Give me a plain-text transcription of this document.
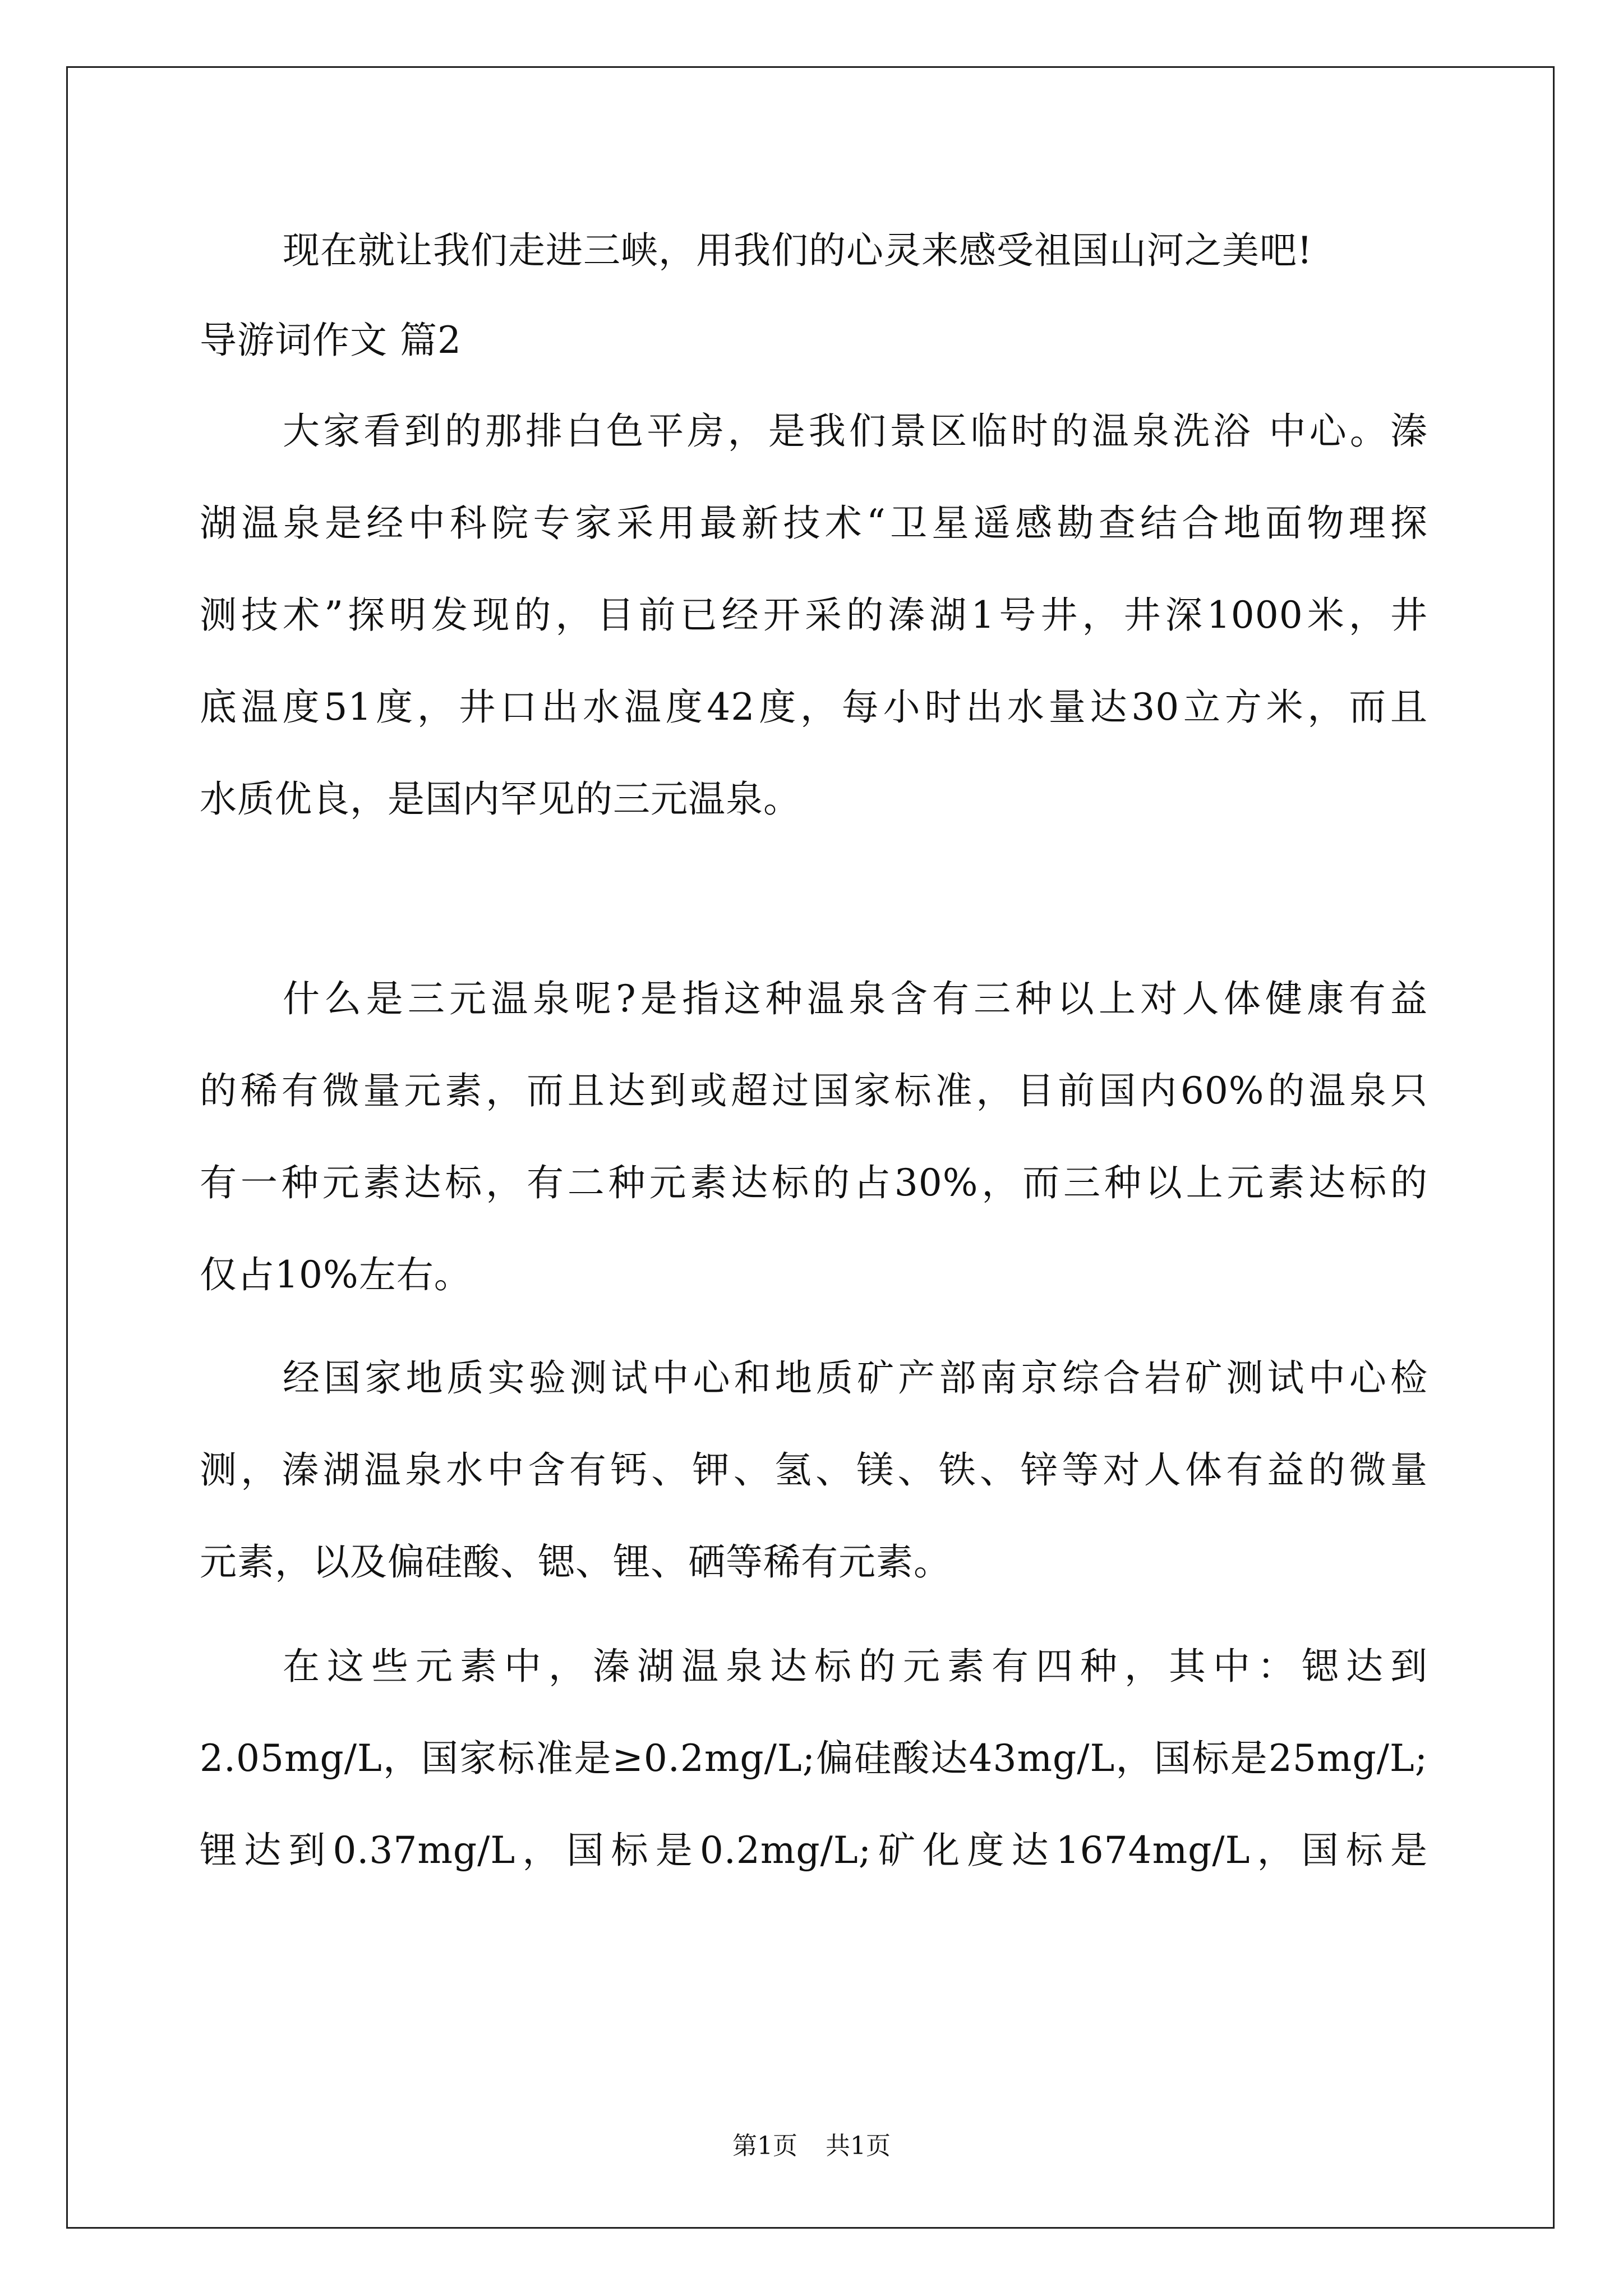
现在就让我们走进三峡，用我们的心灵来感受祖国山河之美吧!
导游词作文 篇2
大家看到的那排白色平房，是我们景区临时的温泉洗浴 中心。溱
湖温泉是经中科院专家采用最新技术“卫星遥感勘查结合地面物理探
测技术”探明发现的，目前已经开采的溱湖1号井，井深1000米，井
底温度51度，井口出水温度42度，每小时出水量达30立方米，而且
水质优良，是国内罕见的三元温泉。
什么是三元温泉呢?是指这种温泉含有三种以上对人体健康有益
的稀有微量元素，而且达到或超过国家标准，目前国内60%的温泉只
有一种元素达标，有二种元素达标的占30%，而三种以上元素达标的
仅占10%左右。
经国家地质实验测试中心和地质矿产部南京综合岩矿测试中心检
测，溱湖温泉水中含有钙、钾、氢、镁、铁、锌等对人体有益的微量
元素，以及偏硅酸、锶、锂、硒等稀有元素。
在这些元素中，溱湖温泉达标的元素有四种，其中：锶达到
2.05mg/L，国家标准是≥0.2mg/L;偏硅酸达43mg/L，国标是25mg/L;
锂达到0.37mg/L，国标是0.2mg/L;矿化度达1674mg/L，国标是
第1页 共1页
